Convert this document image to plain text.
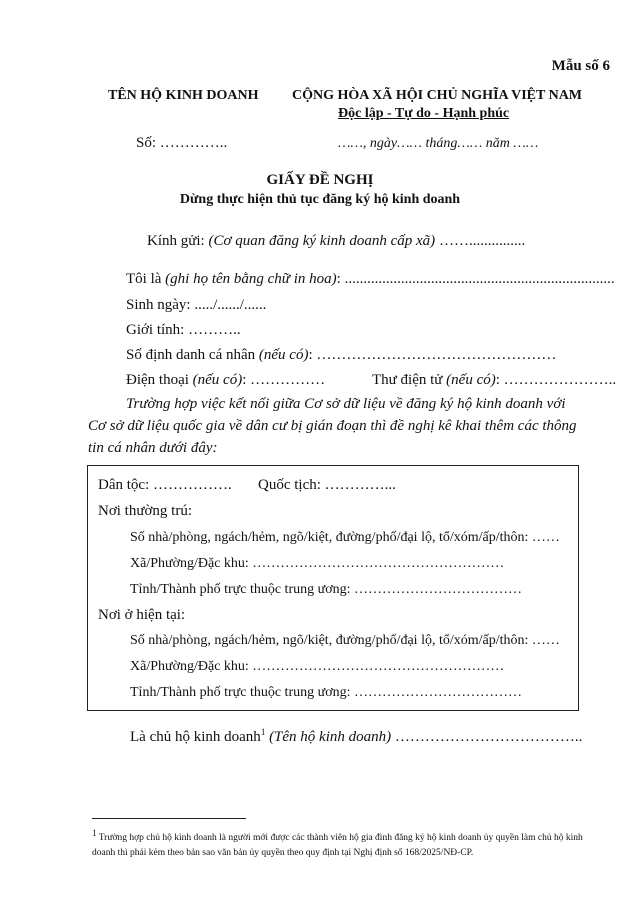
Mẫu số 6
TÊN HỘ KINH DOANH CỘNG HÒA XÃ HỘI CHỦ NGHĨA VIỆT NAM
Độc lập - Tự do - Hạnh phúc
Số: …………..	……, ngày…… tháng…… năm ……
GIẤY ĐỀ NGHỊ
Dừng thực hiện thủ tục đăng ký hộ kinh doanh
Kính gửi: (Cơ quan đăng ký kinh doanh cấp xã) ……...............
Tôi là (ghi họ tên bằng chữ in hoa): ........................................................................
Sinh ngày: ...../....../......
Giới tính: ………..
Số định danh cá nhân (nếu có): …………………………………………
Điện thoại (nếu có): ……………	Thư điện tử (nếu có): …………………..
Trường hợp việc kết nối giữa Cơ sở dữ liệu về đăng ký hộ kinh doanh với
Cơ sở dữ liệu quốc gia về dân cư bị gián đoạn thì đề nghị kê khai thêm các thông
tin cá nhân dưới đây:
Dân tộc: ……………. Quốc tịch: …………...
Nơi thường trú:
Số nhà/phòng, ngách/hẻm, ngõ/kiệt, đường/phố/đại lộ, tổ/xóm/ấp/thôn: ……
Xã/Phường/Đặc khu: ………………………………………………
Tỉnh/Thành phố trực thuộc trung ương: ………………………………
Nơi ở hiện tại:
Số nhà/phòng, ngách/hẻm, ngõ/kiệt, đường/phố/đại lộ, tổ/xóm/ấp/thôn: ……
Xã/Phường/Đặc khu: ………………………………………………
Tỉnh/Thành phố trực thuộc trung ương: ………………………………
Là chủ hộ kinh doanh$^1$ (Tên hộ kinh doanh) ………………………………..
$^1$ Trường hợp chủ hộ kinh doanh là người mới được các thành viên hộ gia đình đăng ký hộ kinh doanh ủy quyền làm chủ hộ kinh doanh thì phải kèm theo bản sao văn bản ủy quyền theo quy định tại Nghị định số 168/2025/NĐ-CP.
